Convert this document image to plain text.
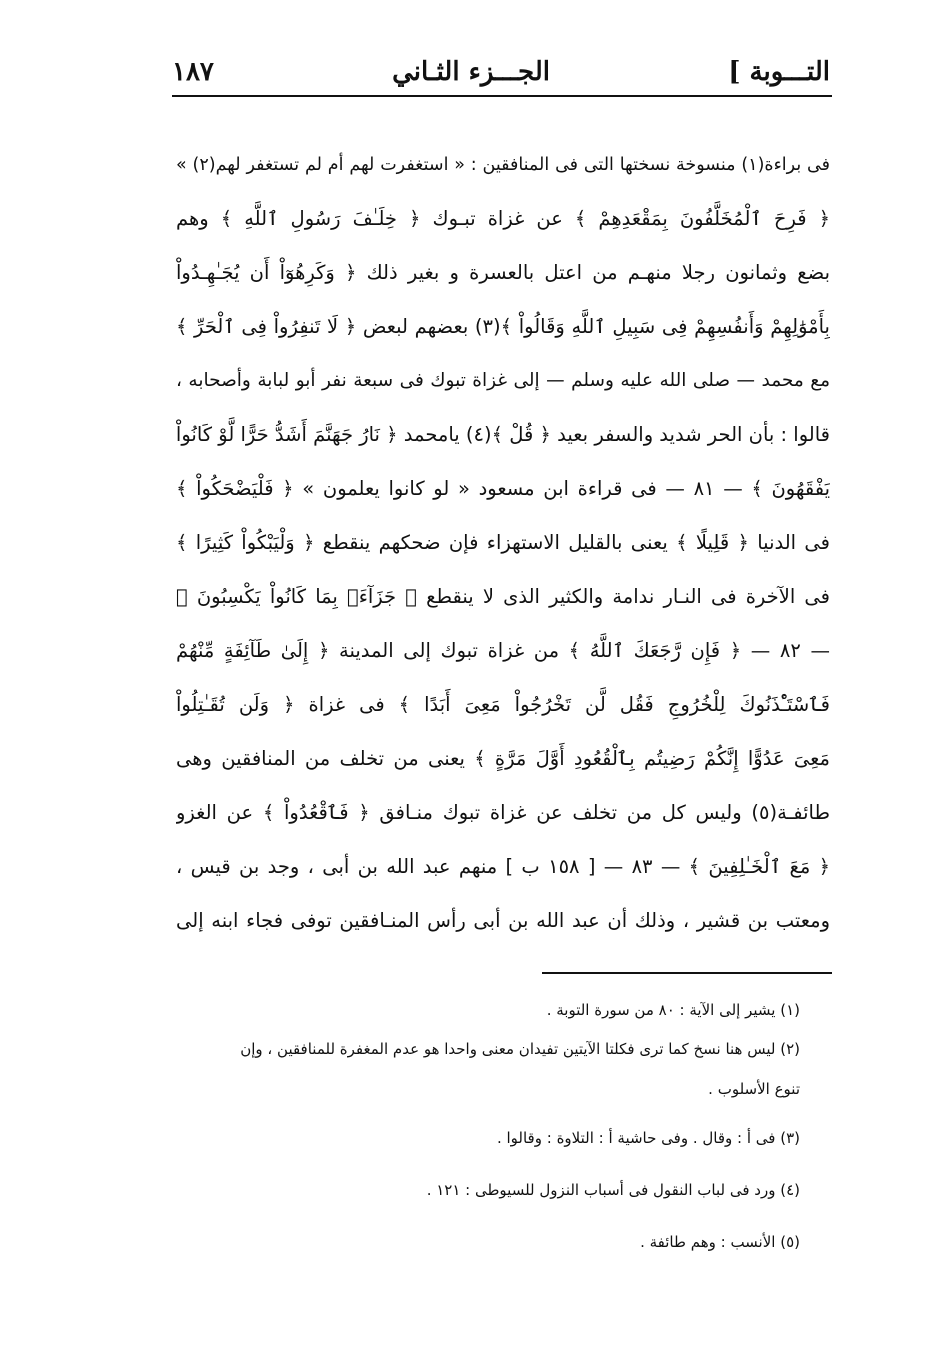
التـــوبة ]
الجـــزء الثـاني
١٨٧
فى براءة(١) منسوخة نسختها التى فى المنافقين : « استغفرت لهم أم لم تستغفر لهم(٢) »
﴿ فَرِحَ ٱلْمُخَلَّفُونَ بِمَقْعَدِهِمْ ﴾ عن غزاة تبـوك ﴿ خِلَـٰفَ رَسُولِ ٱللَّهِ ﴾ وهم
بضع وثمانون رجلا منهـم من اعتل بالعسرة و بغير ذلك ﴿ وَكَرِهُوٓاْ أَن يُجَـٰهِـدُواْ
بِأَمْوَٰلِهِمْ وَأَنفُسِهِمْ فِى سَبِيلِ ٱللَّهِ وَقَالُواْ ﴾(٣) بعضهم لبعض ﴿ لَا تَنفِرُواْ فِى ٱلْحَرِّ ﴾
مع محمد — صلى الله عليه وسلم — إلى غزاة تبوك فى سبعة نفر أبو لبابة وأصحابه ،
قالوا : بأن الحر شديد والسفر بعيد ﴿ قُلْ ﴾(٤) يامحمد ﴿ نَارُ جَهَنَّمَ أَشَدُّ حَرًّا لَّوْ كَانُواْ
يَفْقَهُونَ ﴾ — ٨١ — فى قراءة ابن مسعود « لو كانوا يعلمون » ﴿ فَلْيَضْحَكُواْ ﴾
فى الدنيا ﴿ قَلِيلًا ﴾ يعنى بالقليل الاستهزاء فإن ضحكهم ينقطع ﴿ وَلْيَبْكُواْ كَثِيرًا ﴾
فى الآخرة فى النـار ندامة والكثير الذى لا ينقطع ﴿ جَزَآءَۢ بِمَا كَانُواْ يَكْسِبُونَ ﴾
— ٨٢ — ﴿ فَإِن رَّجَعَكَ ٱللَّهُ ﴾ من غزاة تبوك إلى المدينة ﴿ إِلَىٰ طَآئِفَةٍ مِّنْهُمْ
فَٱسْتَـْٔذَنُوكَ لِلْخُرُوجِ فَقُل لَّن تَخْرُجُواْ مَعِىَ أَبَدًا ﴾ فى غزاة ﴿ وَلَن تُقَـٰتِلُواْ
مَعِىَ عَدُوًّا إِنَّكُمْ رَضِيتُم بِٱلْقُعُودِ أَوَّلَ مَرَّةٍ ﴾ يعنى من تخلف من المنافقين وهى
طائفـة(٥) وليس كل من تخلف عن غزاة تبوك منـافق ﴿ فَٱقْعُدُواْ ﴾ عن الغزو
﴿ مَعَ ٱلْخَـٰلِفِينَ ﴾ — ٨٣ — [ ١٥٨ ب ] منهم عبد الله بن أبى ، وجد بن قيس ،
ومعتب بن قشير ، وذلك أن عبد الله بن أبى رأس المنـافقين توفى فجاء ابنه إلى
(١) يشير إلى الآية : ٨٠ من سورة التوبة .
(٢) ليس هنا نسخ كما ترى فكلتا الآيتين تفيدان معنى واحدا هو عدم المغفرة للمنافقين ، وإن
تنوع الأسلوب .
(٣) فى أ : وقال . وفى حاشية أ : التلاوة : وقالوا .
(٤) ورد فى لباب النقول فى أسباب النزول للسيوطى : ١٢١ .
(٥) الأنسب : وهم طائفة .
